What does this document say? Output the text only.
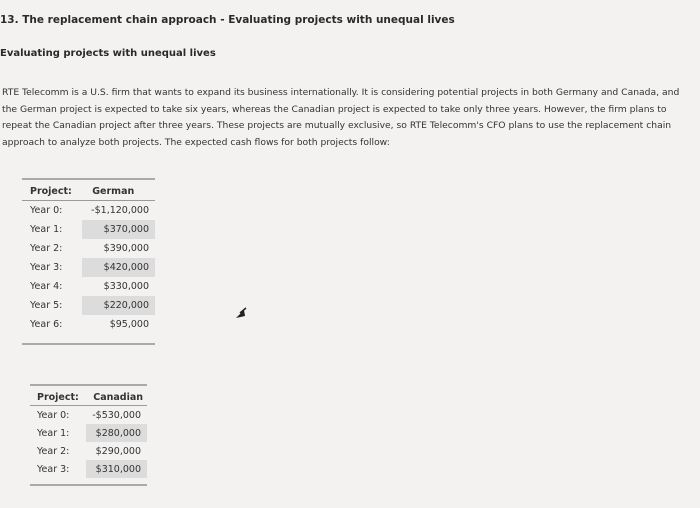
13. The replacement chain approach - Evaluating projects with unequal lives
Evaluating projects with unequal lives
RTE Telecomm is a U.S. firm that wants to expand its business internationally. It is considering potential projects in both Germany and Canada, and the German project is expected to take six years, whereas the Canadian project is expected to take only three years. However, the firm plans to repeat the Canadian project after three years. These projects are mutually exclusive, so RTE Telecomm's CFO plans to use the replacement chain approach to analyze both projects. The expected cash flows for both projects follow:
Project:	German
Year 0:	-$1,120,000
Year 1:	$370,000
Year 2:	$390,000
Year 3:	$420,000
Year 4:	$330,000
Year 5:	$220,000
Year 6:	$95,000
Project:	Canadian
Year 0:	-$530,000
Year 1:	$280,000
Year 2:	$290,000
Year 3:	$310,000
